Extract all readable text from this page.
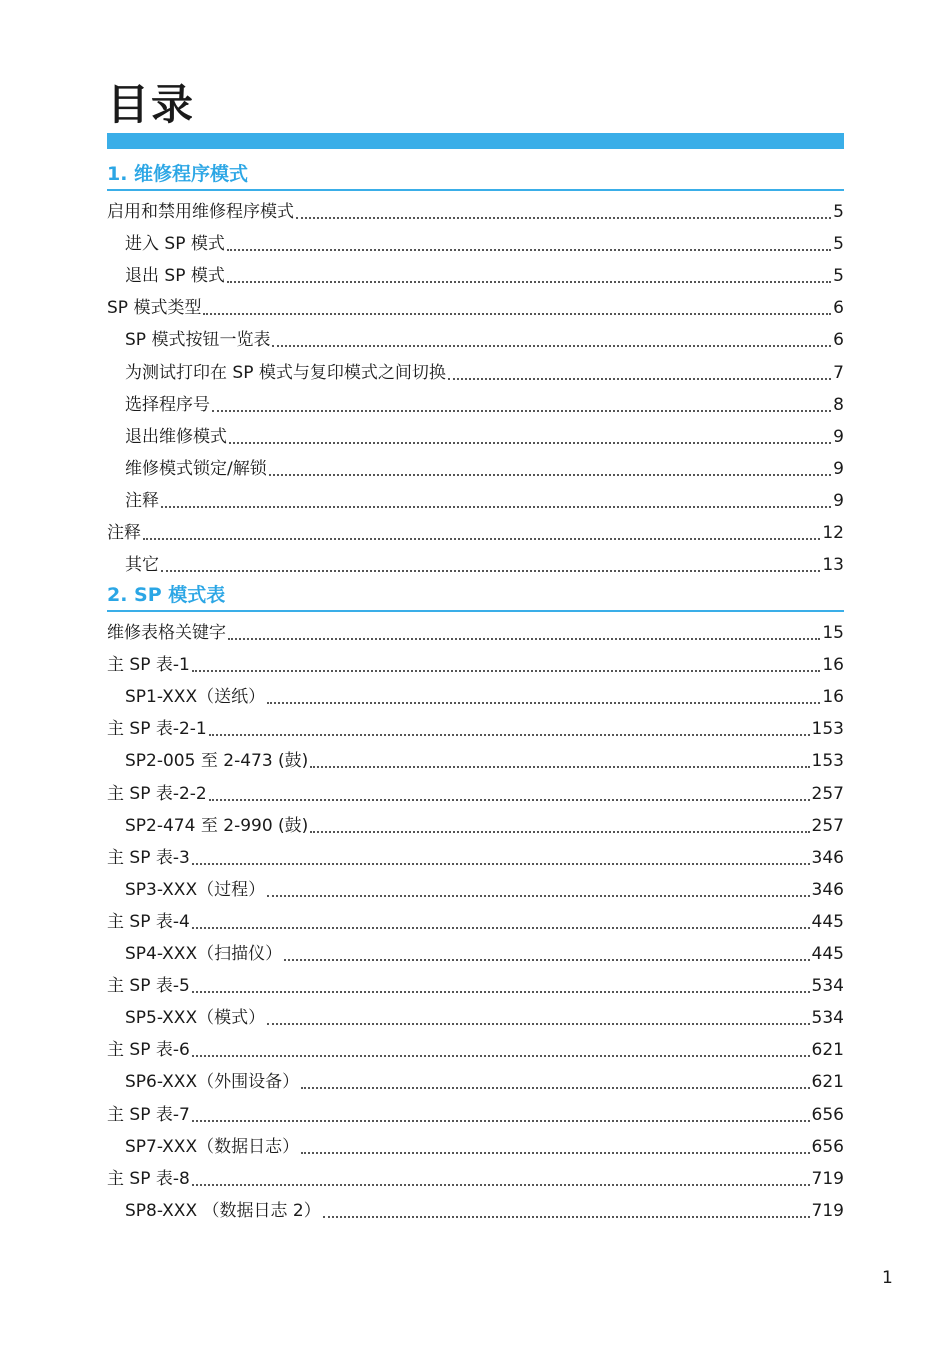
目录
1. 维修程序模式
启用和禁用维修程序模式	5
进入 SP 模式	5
退出 SP 模式	5
SP 模式类型	6
SP 模式按钮一览表	6
为测试打印在 SP 模式与复印模式之间切换	7
选择程序号	8
退出维修模式	9
维修模式锁定/解锁	9
注释	9
注释	12
其它	13
2. SP 模式表
维修表格关键字	15
主 SP 表-1	16
SP1-XXX（送纸）	16
主 SP 表-2-1	153
SP2-005 至 2-473 (鼓)	153
主 SP 表-2-2	257
SP2-474 至 2-990 (鼓)	257
主 SP 表-3	346
SP3-XXX（过程）	346
主 SP 表-4	445
SP4-XXX（扫描仪）	445
主 SP 表-5	534
SP5-XXX（模式）	534
主 SP 表-6	621
SP6-XXX（外围设备）	621
主 SP 表-7	656
SP7-XXX（数据日志）	656
主 SP 表-8	719
SP8-XXX （数据日志 2）	719
1
